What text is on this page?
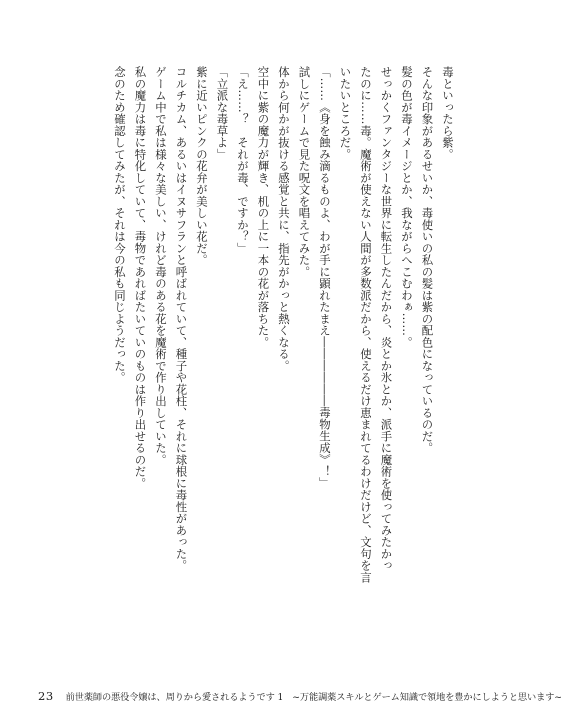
毒といったら紫。
そんな印象があるせいか、毒使いの私の髪は紫の配色になっているのだ。
髪の色が毒イメージとか、我ながらへこむわぁ……。
せっかくファンタジーな世界に転生したんだから、炎とか氷とか、派手に魔術を使ってみたかっ
たのに……毒。魔術が使えない人間が多数派だから、使えるだけ恵まれてるわけだけど、文句を言
いたいところだ。
「……《身を蝕み滴るものよ、わが手に顕れたまえ――――――毒物生成》！」
試しにゲームで見た呪文を唱えてみた。
体から何かが抜ける感覚と共に、指先がかっと熱くなる。
空中に紫の魔力が輝き、机の上に一本の花が落ちた。
「え……？　それが毒、ですか？」
「立派な毒草よ」
紫に近いピンクの花弁が美しい花だ。
コルチカム、あるいはイヌサフランと呼ばれていて、種子や花柱、それに球根に毒性があった。
ゲーム中で私は様々な美しい、けれど毒のある花を魔術で作り出していた。
私の魔力は毒に特化していて、毒物であればたいていのものは作り出せるのだ。
念のため確認してみたが、それは今の私も同じようだった。
23 前世薬師の悪役令嬢は、周りから愛されるようです 1　~万能調薬スキルとゲーム知識で領地を豊かにしようと思います~
